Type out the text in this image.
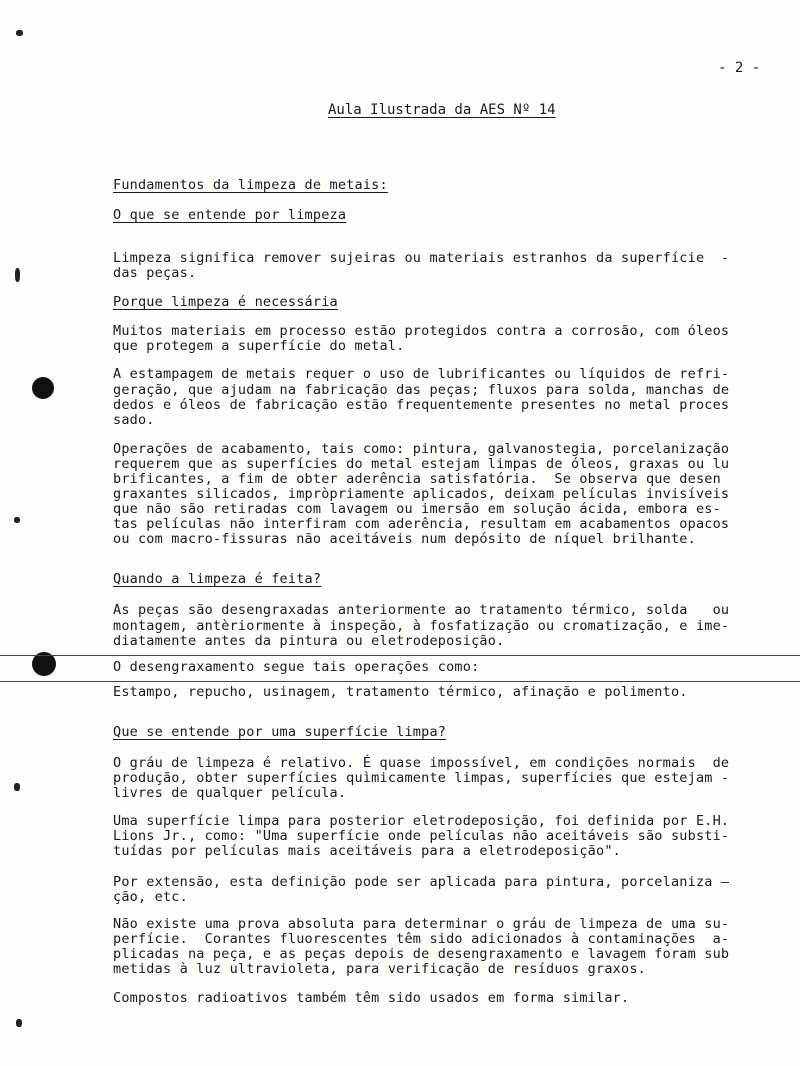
- 2 -
Aula Ilustrada da AES Nº 14
Fundamentos da limpeza de metais:
O que se entende por limpeza
Limpeza significa remover sujeiras ou materiais estranhos da superfície  -
das peças.
Porque limpeza é necessária
Muitos materiais em processo estão protegidos contra a corrosão, com óleos
que protegem a superfície do metal.
A estampagem de metais requer o uso de lubrificantes ou líquidos de refri-
geração, que ajudam na fabricação das peças; fluxos para solda, manchas de
dedos e óleos de fabricação estão frequentemente presentes no metal proces
sado.
Operações de acabamento, tais como: pintura, galvanostegia, porcelanização
requerem que as superfícies do metal estejam limpas de óleos, graxas ou lu
brificantes, a fim de obter aderência satisfatória.  Se observa que desen
graxantes silicados, impròpriamente aplicados, deixam películas invisíveis
que não são retiradas com lavagem ou imersão em solução ácida, embora es-
tas películas não interfiram com aderência, resultam em acabamentos opacos
ou com macro-fissuras não aceitáveis num depósito de níquel brilhante.
Quando a limpeza é feita?
As peças são desengraxadas anteriormente ao tratamento térmico, solda   ou
montagem, antèriormente à inspeção, à fosfatização ou cromatização, e ime-
diatamente antes da pintura ou eletrodeposição.
O desengraxamento segue tais operações como:
Estampo, repucho, usinagem, tratamento térmico, afinação e polimento.
Que se entende por uma superfície limpa?
O gráu de limpeza é relativo. É quase impossível, em condições normais  de
produção, obter superfícies quìmicamente limpas, superfícies que estejam -
livres de qualquer película.
Uma superfície limpa para posterior eletrodeposição, foi definida por E.H.
Lions Jr., como: "Uma superfície onde películas não aceitáveis são substi-
tuídas por películas mais aceitáveis para a eletrodeposição".
Por extensão, esta definição pode ser aplicada para pintura, porcelaniza —
ção, etc.
Não existe uma prova absoluta para determinar o gráu de limpeza de uma su-
perfície.  Corantes fluorescentes têm sido adicionados à contaminações  a-
plicadas na peça, e as peças depois de desengraxamento e lavagem foram sub
metidas à luz ultravioleta, para verificação de resíduos graxos.
Compostos radioativos também têm sido usados em forma similar.
